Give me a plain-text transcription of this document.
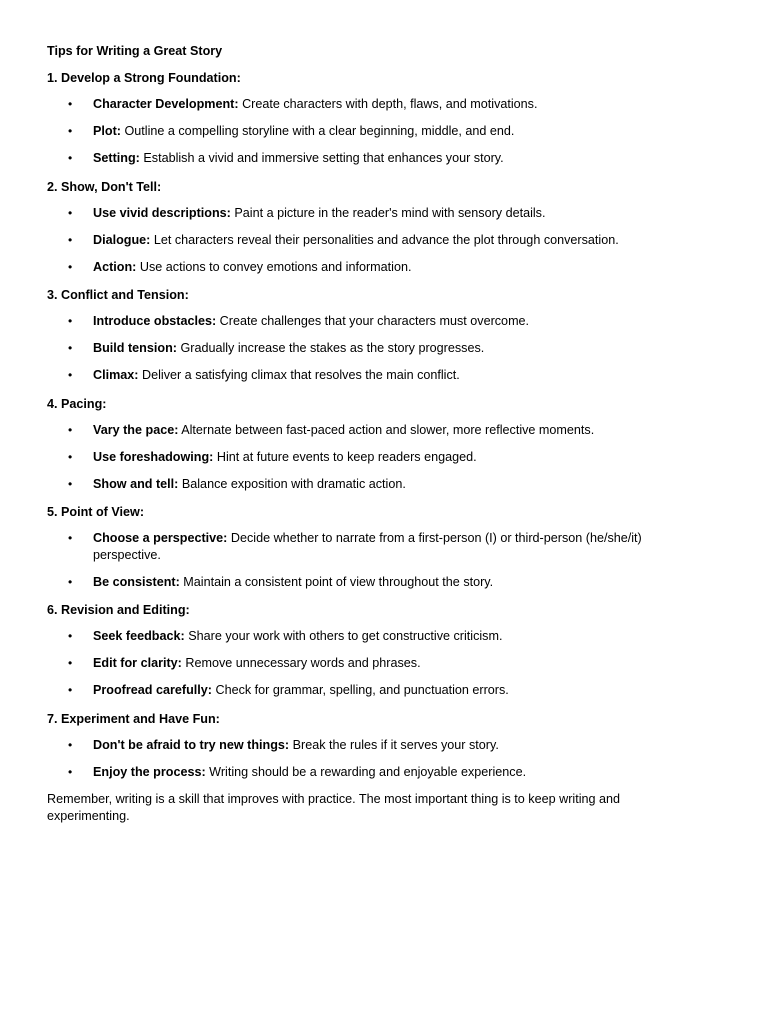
Tips for Writing a Great Story

1. Develop a Strong Foundation:
• Character Development: Create characters with depth, flaws, and motivations.
• Plot: Outline a compelling storyline with a clear beginning, middle, and end.
• Setting: Establish a vivid and immersive setting that enhances your story.
2. Show, Don't Tell:
• Use vivid descriptions: Paint a picture in the reader's mind with sensory details.
• Dialogue: Let characters reveal their personalities and advance the plot through conversation.
• Action: Use actions to convey emotions and information.
3. Conflict and Tension:
• Introduce obstacles: Create challenges that your characters must overcome.
• Build tension: Gradually increase the stakes as the story progresses.
• Climax: Deliver a satisfying climax that resolves the main conflict.
4. Pacing:
• Vary the pace: Alternate between fast-paced action and slower, more reflective moments.
• Use foreshadowing: Hint at future events to keep readers engaged.
• Show and tell: Balance exposition with dramatic action.
5. Point of View:
• Choose a perspective: Decide whether to narrate from a first-person (I) or third-person (he/she/it) perspective.
• Be consistent: Maintain a consistent point of view throughout the story.
6. Revision and Editing:
• Seek feedback: Share your work with others to get constructive criticism.
• Edit for clarity: Remove unnecessary words and phrases.
• Proofread carefully: Check for grammar, spelling, and punctuation errors.
7. Experiment and Have Fun:
• Don't be afraid to try new things: Break the rules if it serves your story.
• Enjoy the process: Writing should be a rewarding and enjoyable experience.

Remember, writing is a skill that improves with practice. The most important thing is to keep writing and experimenting.
